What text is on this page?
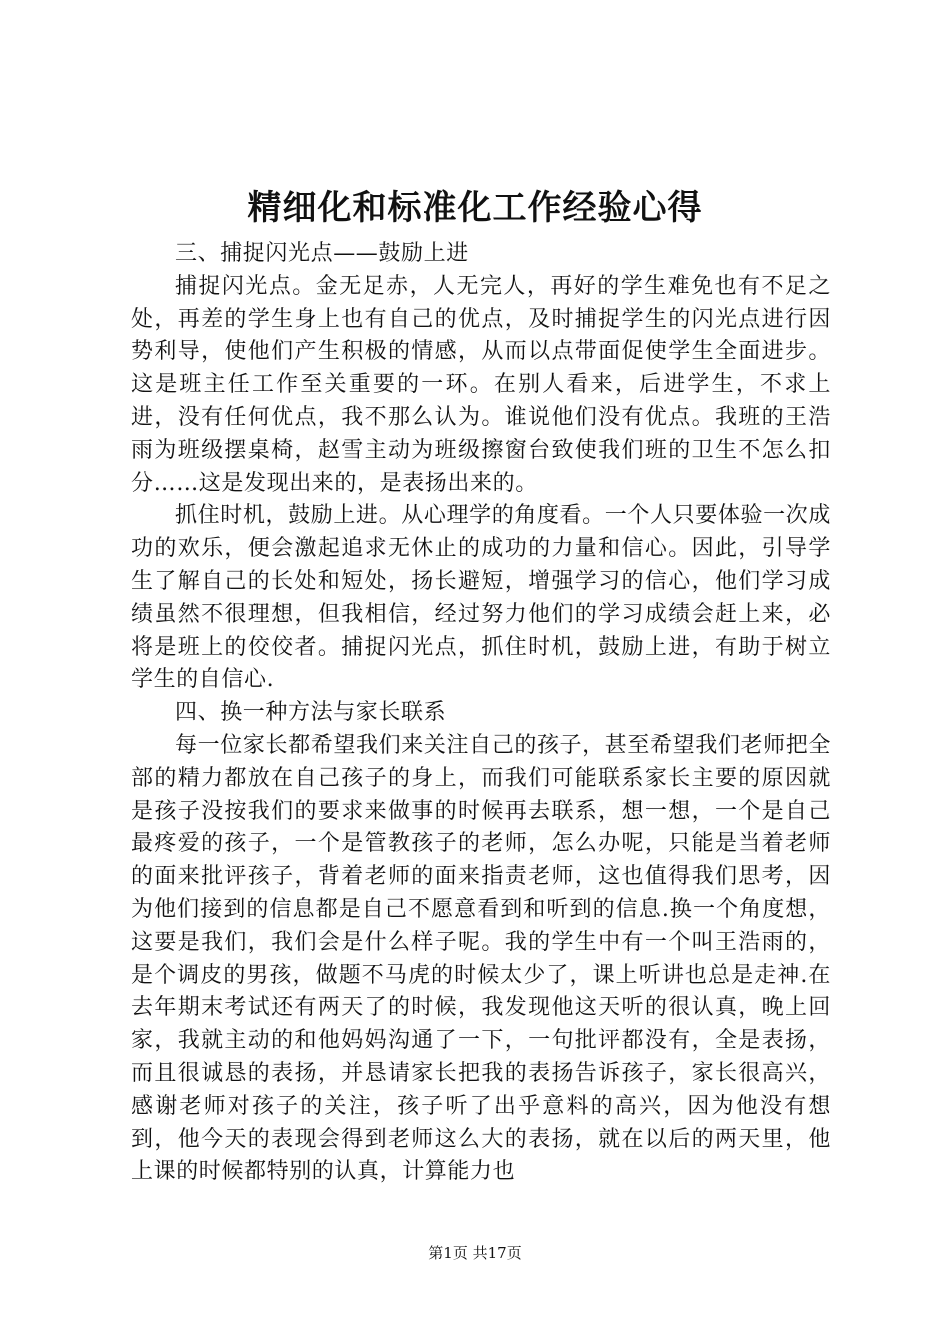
精细化和标准化工作经验心得

三、捕捉闪光点——鼓励上进

捕捉闪光点。金无足赤，人无完人，再好的学生难免也有不足之处，再差的学生身上也有自己的优点，及时捕捉学生的闪光点进行因势利导，使他们产生积极的情感，从而以点带面促使学生全面进步。这是班主任工作至关重要的一环。在别人看来，后进学生，不求上进，没有任何优点，我不那么认为。谁说他们没有优点。我班的王浩雨为班级摆桌椅，赵雪主动为班级擦窗台致使我们班的卫生不怎么扣分……这是发现出来的，是表扬出来的。

抓住时机，鼓励上进。从心理学的角度看。一个人只要体验一次成功的欢乐，便会激起追求无休止的成功的力量和信心。因此，引导学生了解自己的长处和短处，扬长避短，增强学习的信心，他们学习成绩虽然不很理想，但我相信，经过努力他们的学习成绩会赶上来，必将是班上的佼佼者。捕捉闪光点，抓住时机，鼓励上进，有助于树立学生的自信心.

四、换一种方法与家长联系

每一位家长都希望我们来关注自己的孩子，甚至希望我们老师把全部的精力都放在自己孩子的身上，而我们可能联系家长主要的原因就是孩子没按我们的要求来做事的时候再去联系，想一想，一个是自己最疼爱的孩子，一个是管教孩子的老师，怎么办呢，只能是当着老师的面来批评孩子，背着老师的面来指责老师，这也值得我们思考，因为他们接到的信息都是自己不愿意看到和听到的信息.换一个角度想，这要是我们，我们会是什么样子呢。我的学生中有一个叫王浩雨的，是个调皮的男孩，做题不马虎的时候太少了，课上听讲也总是走神.在去年期末考试还有两天了的时候，我发现他这天听的很认真，晚上回家，我就主动的和他妈妈沟通了一下，一句批评都没有，全是表扬，而且很诚恳的表扬，并恳请家长把我的表扬告诉孩子，家长很高兴，感谢老师对孩子的关注，孩子听了出乎意料的高兴，因为他没有想到，他今天的表现会得到老师这么大的表扬，就在以后的两天里，他上课的时候都特别的认真，计算能力也

第1页 共17页
